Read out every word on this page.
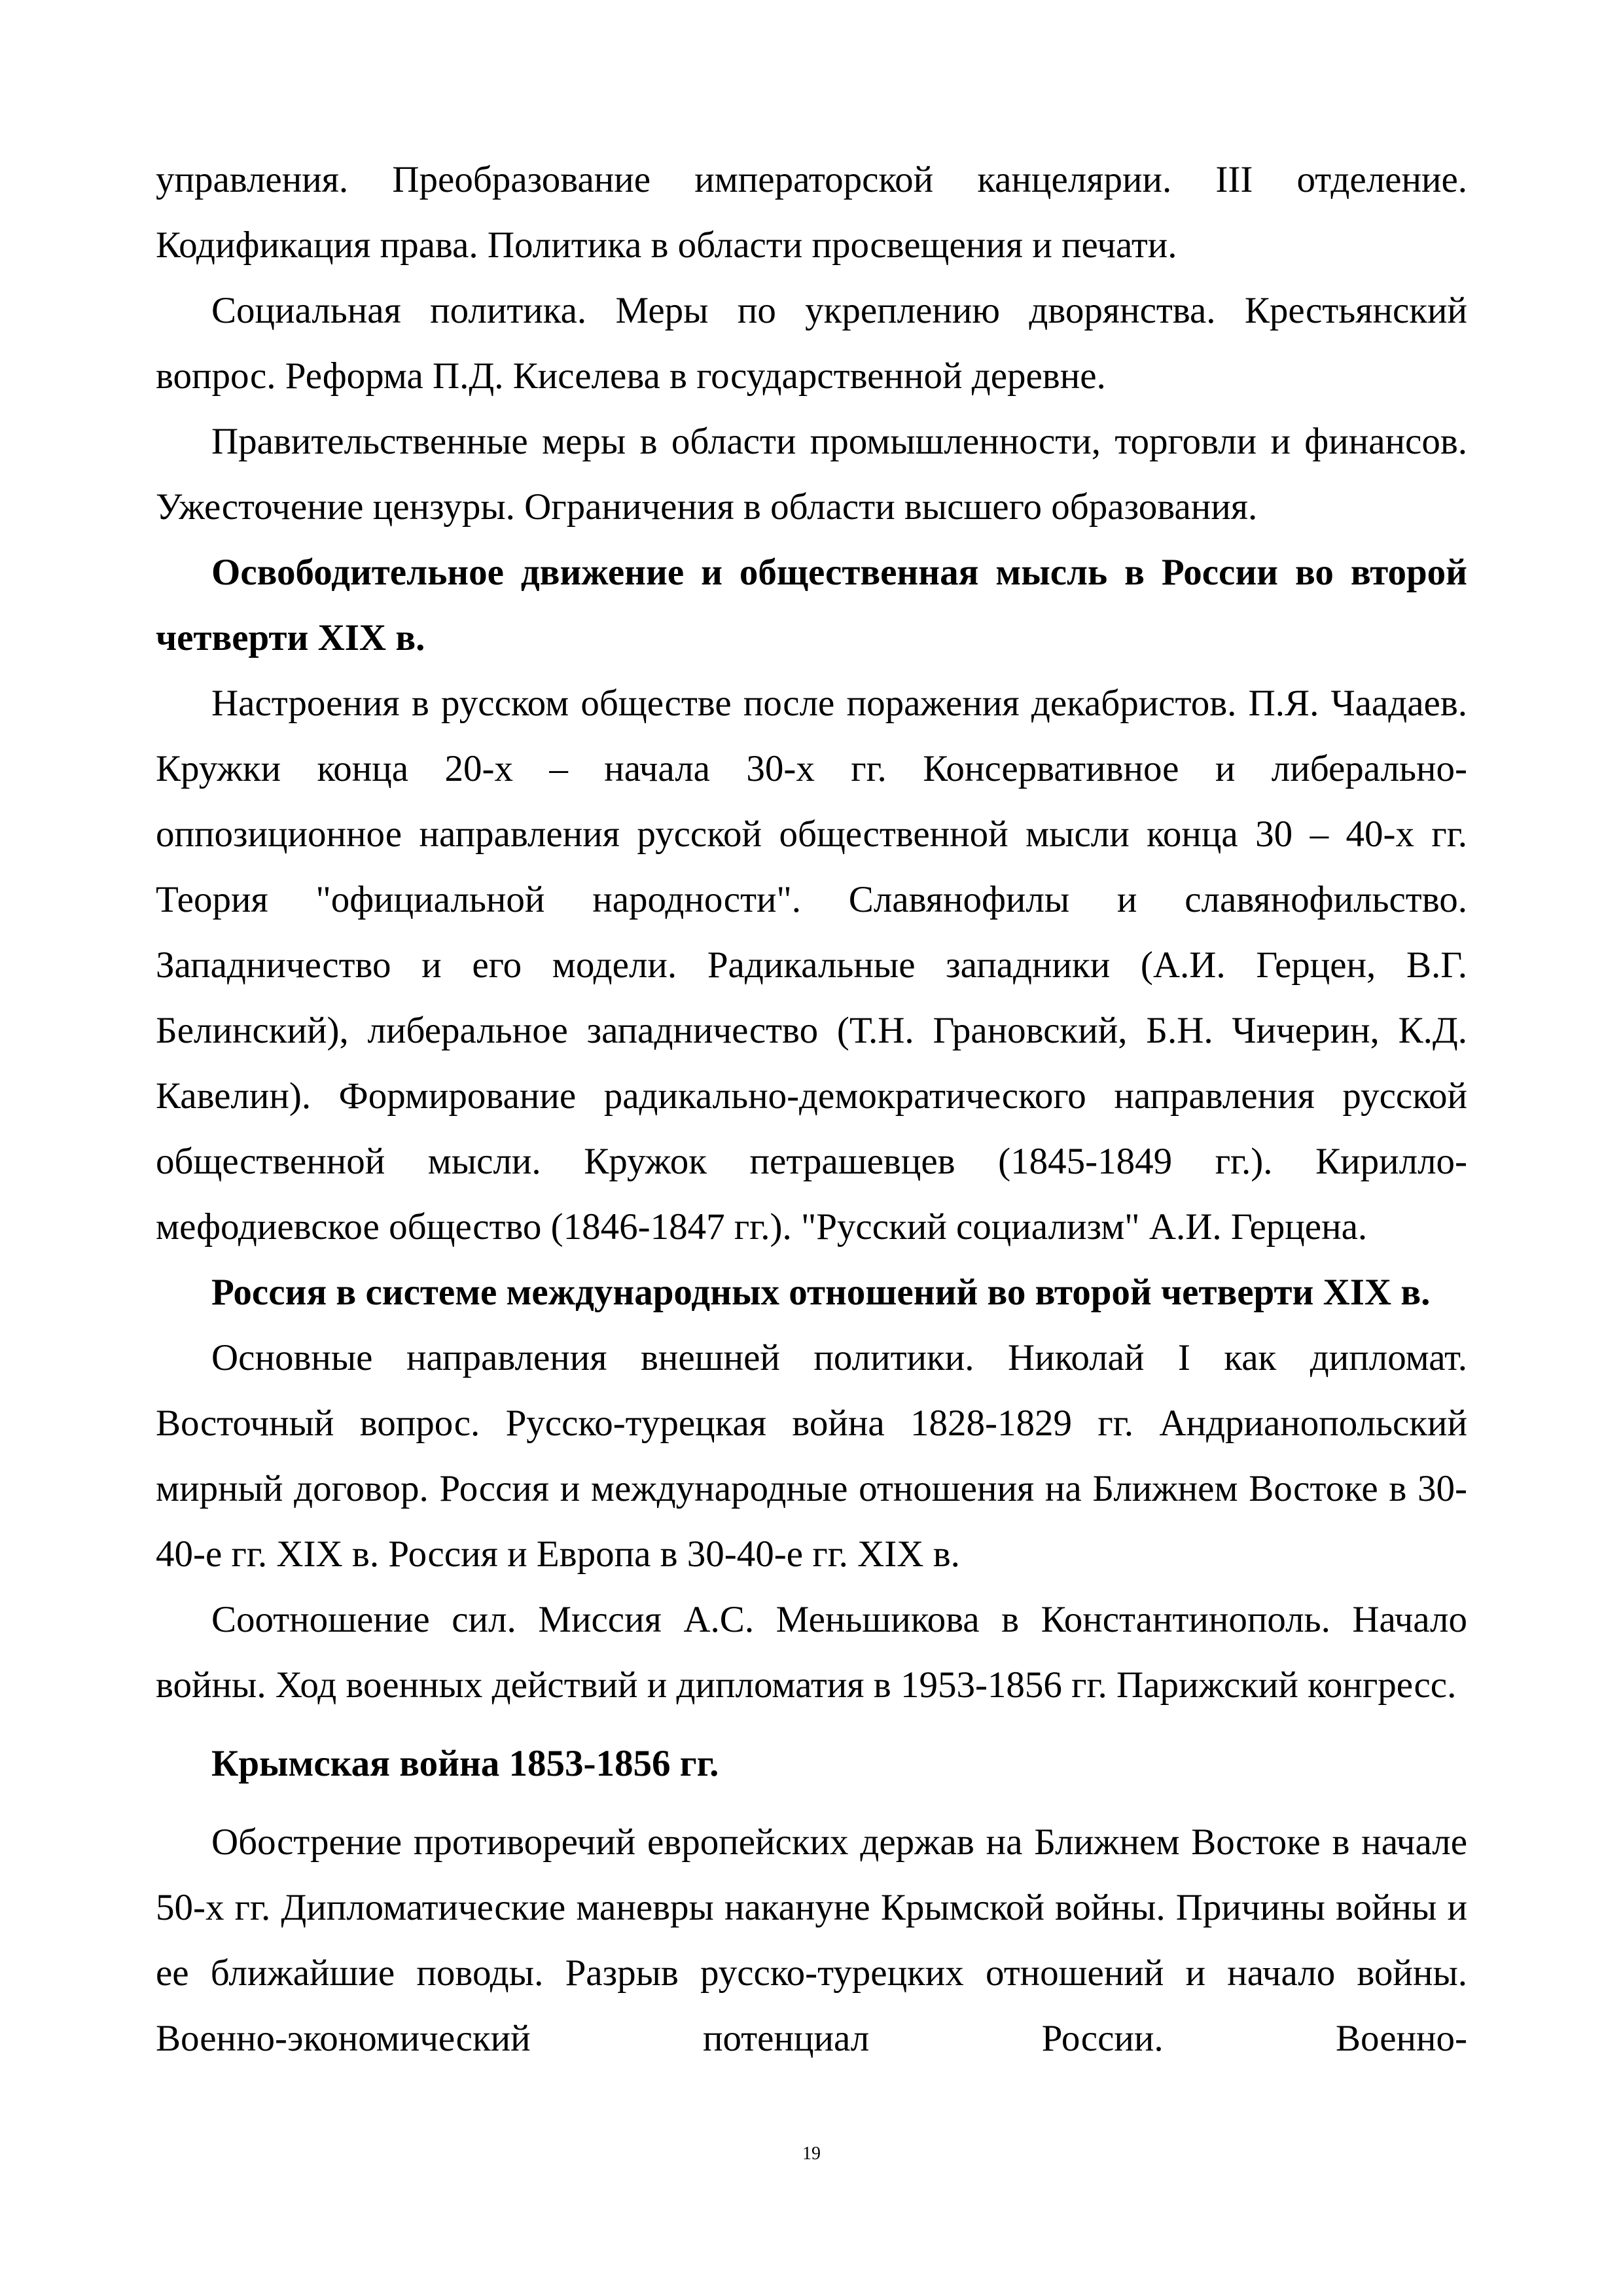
управления. Преобразование императорской канцелярии. III отделение. Кодификация права. Политика в области просвещения и печати.

Социальная политика. Меры по укреплению дворянства. Крестьянский вопрос. Реформа П.Д. Киселева в государственной деревне.

Правительственные меры в области промышленности, торговли и финансов. Ужесточение цензуры. Ограничения в области высшего образования.

Освободительное движение и общественная мысль в России во второй четверти XIX в.

Настроения в русском обществе после поражения декабристов. П.Я. Чаадаев. Кружки конца 20-х – начала 30-х гг. Консервативное и либерально-оппозиционное направления русской общественной мысли конца 30 – 40-х гг. Теория "официальной народности". Славянофилы и славянофильство. Западничество и его модели. Радикальные западники (А.И. Герцен, В.Г. Белинский), либеральное западничество (Т.Н. Грановский, Б.Н. Чичерин, К.Д. Кавелин). Формирование радикально-демократического направления русской общественной мысли. Кружок петрашевцев (1845-1849 гг.). Кирилло-мефодиевское общество (1846-1847 гг.). "Русский социализм" А.И. Герцена.

Россия в системе международных отношений во второй четверти XIX в.

Основные направления внешней политики. Николай I как дипломат. Восточный вопрос. Русско-турецкая война 1828-1829 гг. Андрианопольский мирный договор. Россия и международные отношения на Ближнем Востоке в 30-40-е гг. XIX в. Россия и Европа в 30-40-е гг. XIX в.

Соотношение сил. Миссия А.С. Меньшикова в Константинополь. Начало войны. Ход военных действий и дипломатия в 1953-1856 гг. Парижский конгресс.

Крымская война 1853-1856 гг.

Обострение противоречий европейских держав на Ближнем Востоке в начале 50-х гг. Дипломатические маневры накануне Крымской войны. Причины войны и ее ближайшие поводы. Разрыв русско-турецких отношений и начало войны. Военно-экономический потенциал России. Военно-

19
